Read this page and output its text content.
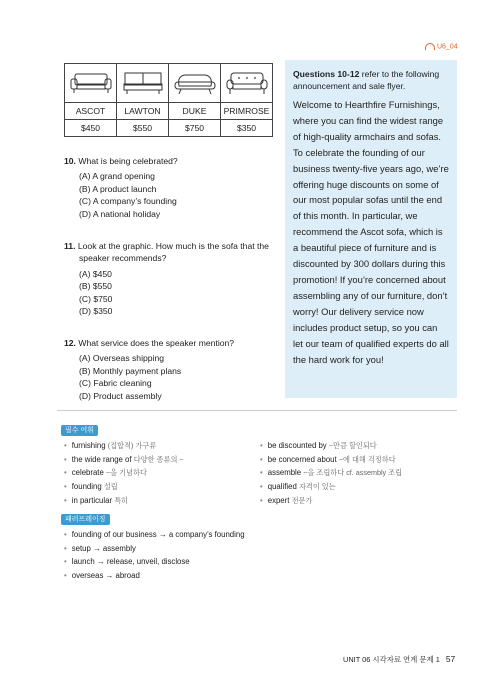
U6_04

ASCOT	LAWTON	DUKE	PRIMROSE
$450	$550	$750	$350
10. What is being celebrated?
(A) A grand opening
(B) A product launch
(C) A company’s founding
(D) A national holiday
11. Look at the graphic. How much is the sofa that the
speaker recommends?
(A) $450
(B) $550
(C) $750
(D) $350
12. What service does the speaker mention?
(A) Overseas shipping
(B) Monthly payment plans
(C) Fabric cleaning
(D) Product assembly
Questions 10-12 refer to the following announcement and sale flyer.
Welcome to Hearthfire Furnishings, where you can find the widest range of high-quality armchairs and sofas. To celebrate the founding of our business twenty-five years ago, we’re offering huge discounts on some of our most popular sofas until the end of this month. In particular, we recommend the Ascot sofa, which is a beautiful piece of furniture and is discounted by 300 dollars during this promotion! If you’re concerned about assembling any of our furniture, don’t worry! Our delivery service now includes product setup, so you can let our team of qualified experts do all the hard work for you!
필수 어휘
• furnishing (집합적) 가구류
• the wide range of 다양한 종류의 ~
• celebrate ~을 기념하다
• founding 설립
• in particular 특히
• be discounted by ~만큼 할인되다
• be concerned about ~에 대해 걱정하다
• assemble ~을 조립하다 cf. assembly 조립
• qualified 자격이 있는
• expert 전문가
패러프레이징
• founding of our business → a company’s founding
• setup → assembly
• launch → release, unveil, disclose
• overseas → abroad
UNIT 06 시각자료 연계 문제 1 57
